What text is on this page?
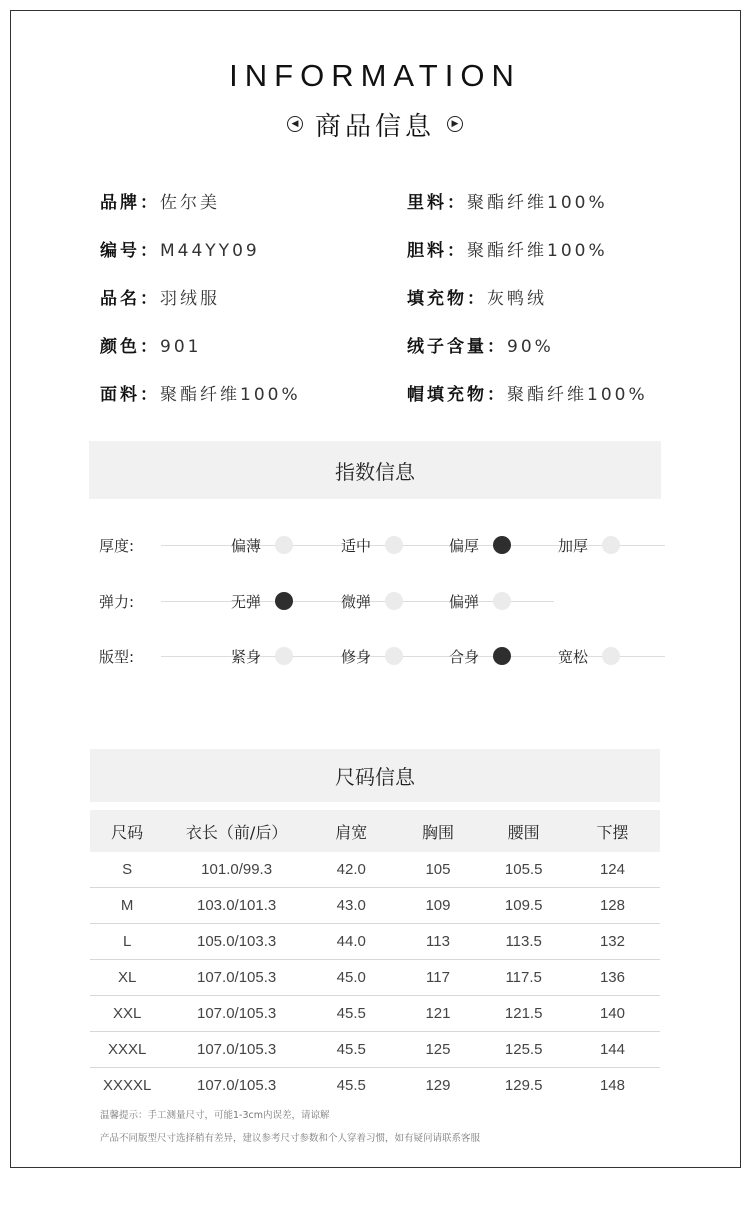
INFORMATION
◀ 商品信息	▶
品牌：佐尔美
编号：M44YY09
品名：羽绒服
颜色：901
面料：聚酯纤维100%
里料：聚酯纤维100%
胆料：聚酯纤维100%
填充物：灰鸭绒
绒子含量：90%
帽填充物：聚酯纤维100%
指数信息
厚度:	偏薄	适中	偏厚	加厚
弹力:	无弹	微弹	偏弹
版型:	紧身	修身	合身	宽松
尺码信息
尺码	衣长（前/后）	肩宽	胸围	腰围	下摆
S	101.0/99.3	42.0	105	105.5	124
M	103.0/101.3	43.0	109	109.5	128
L	105.0/103.3	44.0	113	113.5	132
XL	107.0/105.3	45.0	117	117.5	136
XXL	107.0/105.3	45.5	121	121.5	140
XXXL	107.0/105.3	45.5	125	125.5	144
XXXXL	107.0/105.3	45.5	129	129.5	148
温馨提示：手工测量尺寸，可能1-3cm内误差，请谅解
产品不同版型尺寸选择稍有差异，建议参考尺寸参数和个人穿着习惯，如有疑问请联系客服
